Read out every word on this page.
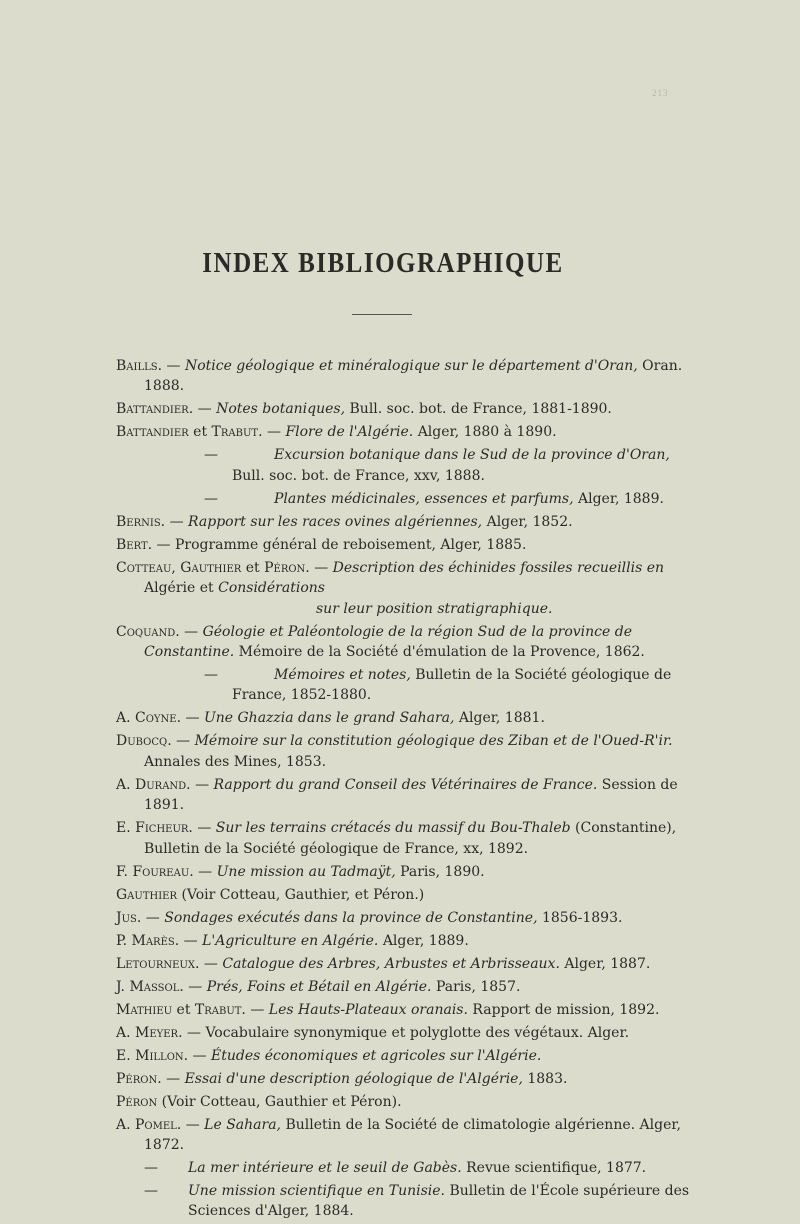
213
INDEX BIBLIOGRAPHIQUE
Baills. — Notice géologique et minéralogique sur le département d'Oran, Oran. 1888.
Battandier. — Notes botaniques, Bull. soc. bot. de France, 1881-1890.
Battandier et Trabut. — Flore de l'Algérie. Alger, 1880 à 1890.
—	Excursion botanique dans le Sud de la province d'Oran, Bull. soc. bot. de France, xxv, 1888.
—	Plantes médicinales, essences et parfums, Alger, 1889.
Bernis. — Rapport sur les races ovines algériennes, Alger, 1852.
Bert. — Programme général de reboisement, Alger, 1885.
Cotteau, Gauthier et Péron. — Description des échinides fossiles recueillis en Algérie et Considérations
sur leur position stratigraphique.
Coquand. — Géologie et Paléontologie de la région Sud de la province de Constantine. Mémoire de la Société d'émulation de la Provence, 1862.
—	Mémoires et notes, Bulletin de la Société géologique de France, 1852-1880.
A. Coyne. — Une Ghazzia dans le grand Sahara, Alger, 1881.
Dubocq. — Mémoire sur la constitution géologique des Ziban et de l'Oued-R'ir. Annales des Mines, 1853.
A. Durand. — Rapport du grand Conseil des Vétérinaires de France. Session de 1891.
E. Ficheur. — Sur les terrains crétacés du massif du Bou-Thaleb (Constantine), Bulletin de la Société géologique de France, xx, 1892.
F. Foureau. — Une mission au Tadmaÿt, Paris, 1890.
Gauthier (Voir Cotteau, Gauthier, et Péron.)
Jus. — Sondages exécutés dans la province de Constantine, 1856-1893.
P. Marès. — L'Agriculture en Algérie. Alger, 1889.
Letourneux. — Catalogue des Arbres, Arbustes et Arbrisseaux. Alger, 1887.
J. Massol. — Prés, Foins et Bétail en Algérie. Paris, 1857.
Mathieu et Trabut. — Les Hauts-Plateaux oranais. Rapport de mission, 1892.
A. Meyer. — Vocabulaire synonymique et polyglotte des végétaux. Alger.
E. Millon. — Études économiques et agricoles sur l'Algérie.
Péron. — Essai d'une description géologique de l'Algérie, 1883.
Péron (Voir Cotteau, Gauthier et Péron).
A. Pomel. — Le Sahara, Bulletin de la Société de climatologie algérienne. Alger, 1872.
— La mer intérieure et le seuil de Gabès. Revue scientifique, 1877.
— Une mission scientifique en Tunisie. Bulletin de l'École supérieure des Sciences d'Alger, 1884.
